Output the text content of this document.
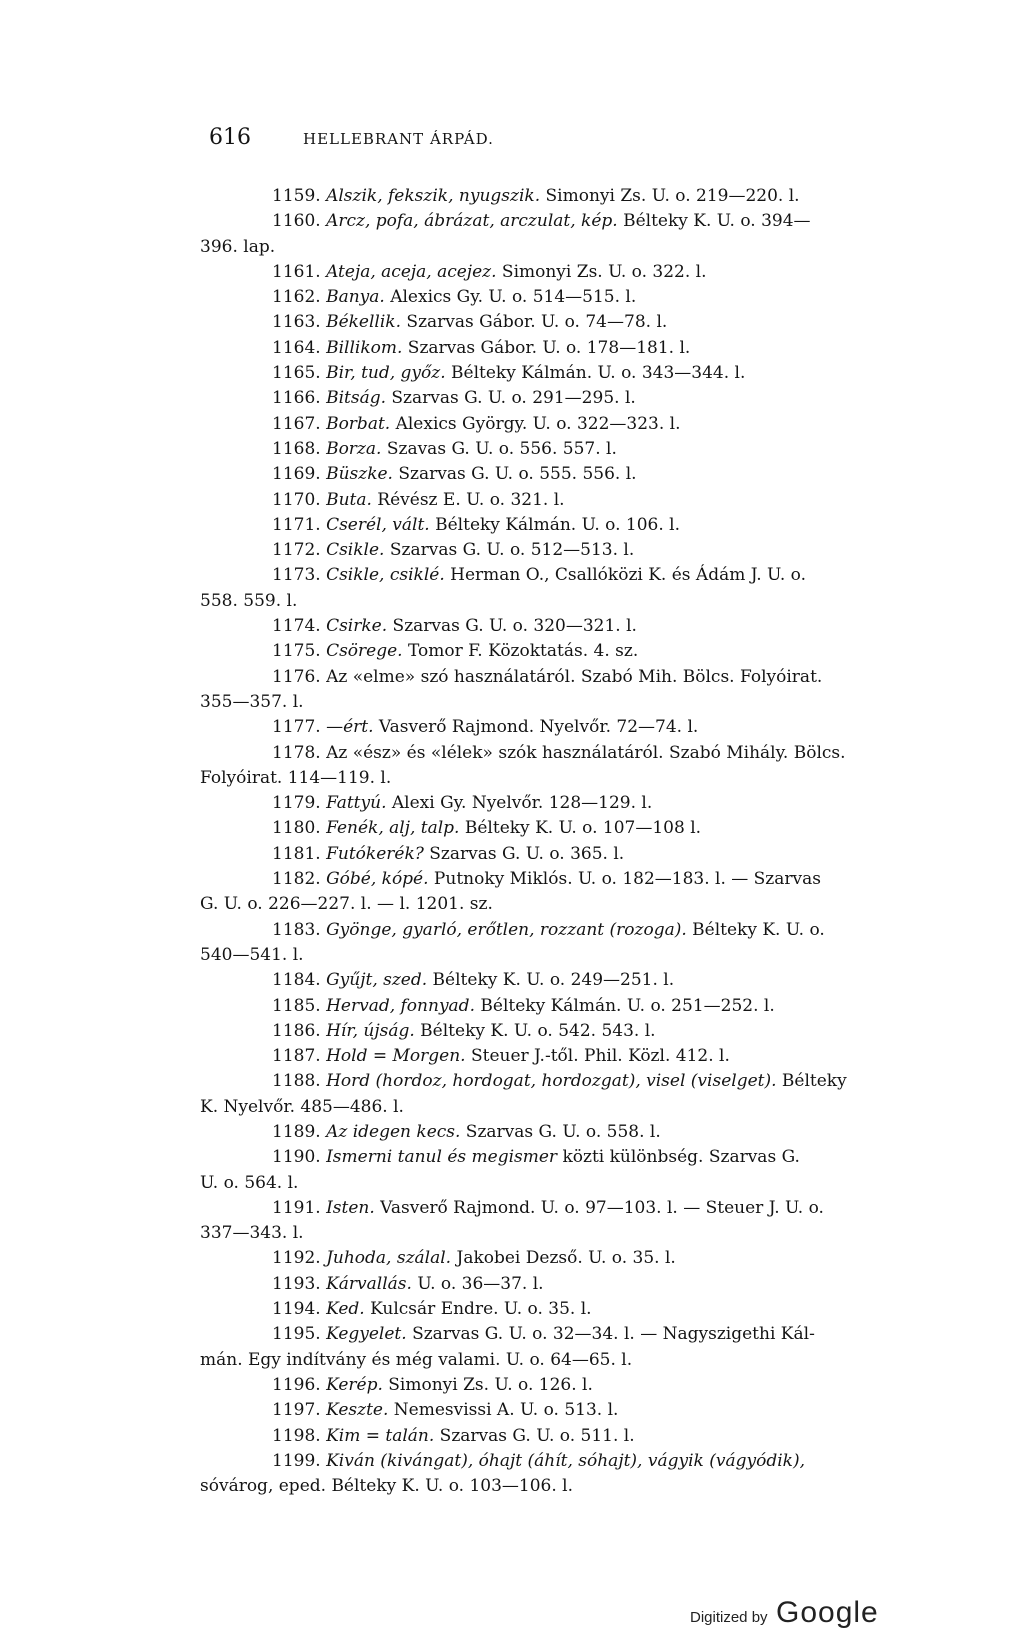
616	HELLEBRANT ÁRPÁD.
1159. Alszik, fekszik, nyugszik. Simonyi Zs. U. o. 219—220. l.
1160. Arcz, pofa, ábrázat, arczulat, kép. Bélteky K. U. o. 394—
396. lap.
1161. Ateja, aceja, acejez. Simonyi Zs. U. o. 322. l.
1162. Banya. Alexics Gy. U. o. 514—515. l.
1163. Békellik. Szarvas Gábor. U. o. 74—78. l.
1164. Billikom. Szarvas Gábor. U. o. 178—181. l.
1165. Bir, tud, győz. Bélteky Kálmán. U. o. 343—344. l.
1166. Bitság. Szarvas G. U. o. 291—295. l.
1167. Borbat. Alexics György. U. o. 322—323. l.
1168. Borza. Szavas G. U. o. 556. 557. l.
1169. Büszke. Szarvas G. U. o. 555. 556. l.
1170. Buta. Révész E. U. o. 321. l.
1171. Cserél, vált. Bélteky Kálmán. U. o. 106. l.
1172. Csikle. Szarvas G. U. o. 512—513. l.
1173. Csikle, csiklé. Herman O., Csallóközi K. és Ádám J. U. o.
558. 559. l.
1174. Csirke. Szarvas G. U. o. 320—321. l.
1175. Csörege. Tomor F. Közoktatás. 4. sz.
1176. Az «elme» szó használatáról. Szabó Mih. Bölcs. Folyóirat.
355—357. l.
1177. —ért. Vasverő Rajmond. Nyelvőr. 72—74. l.
1178. Az «ész» és «lélek» szók használatáról. Szabó Mihály. Bölcs.
Folyóirat. 114—119. l.
1179. Fattyú. Alexi Gy. Nyelvőr. 128—129. l.
1180. Fenék, alj, talp. Bélteky K. U. o. 107—108 l.
1181. Futókerék? Szarvas G. U. o. 365. l.
1182. Góbé, kópé. Putnoky Miklós. U. o. 182—183. l. — Szarvas
G. U. o. 226—227. l. — l. 1201. sz.
1183. Gyönge, gyarló, erőtlen, rozzant (rozoga). Bélteky K. U. o.
540—541. l.
1184. Gyűjt, szed. Bélteky K. U. o. 249—251. l.
1185. Hervad, fonnyad. Bélteky Kálmán. U. o. 251—252. l.
1186. Hír, újság. Bélteky K. U. o. 542. 543. l.
1187. Hold = Morgen. Steuer J.-től. Phil. Közl. 412. l.
1188. Hord (hordoz, hordogat, hordozgat), visel (viselget). Bélteky
K. Nyelvőr. 485—486. l.
1189. Az idegen kecs. Szarvas G. U. o. 558. l.
1190. Ismerni tanul és megismer közti különbség. Szarvas G.
U. o. 564. l.
1191. Isten. Vasverő Rajmond. U. o. 97—103. l. — Steuer J. U. o.
337—343. l.
1192. Juhoda, szálal. Jakobei Dezső. U. o. 35. l.
1193. Kárvallás. U. o. 36—37. l.
1194. Ked. Kulcsár Endre. U. o. 35. l.
1195. Kegyelet. Szarvas G. U. o. 32—34. l. — Nagyszigethi Kál-
mán. Egy indítvány és még valami. U. o. 64—65. l.
1196. Kerép. Simonyi Zs. U. o. 126. l.
1197. Keszte. Nemesvissi A. U. o. 513. l.
1198. Kim = talán. Szarvas G. U. o. 511. l.
1199. Kiván (kivángat), óhajt (áhít, sóhajt), vágyik (vágyódik),
sóvárog, eped. Bélteky K. U. o. 103—106. l.
Digitized by Google
